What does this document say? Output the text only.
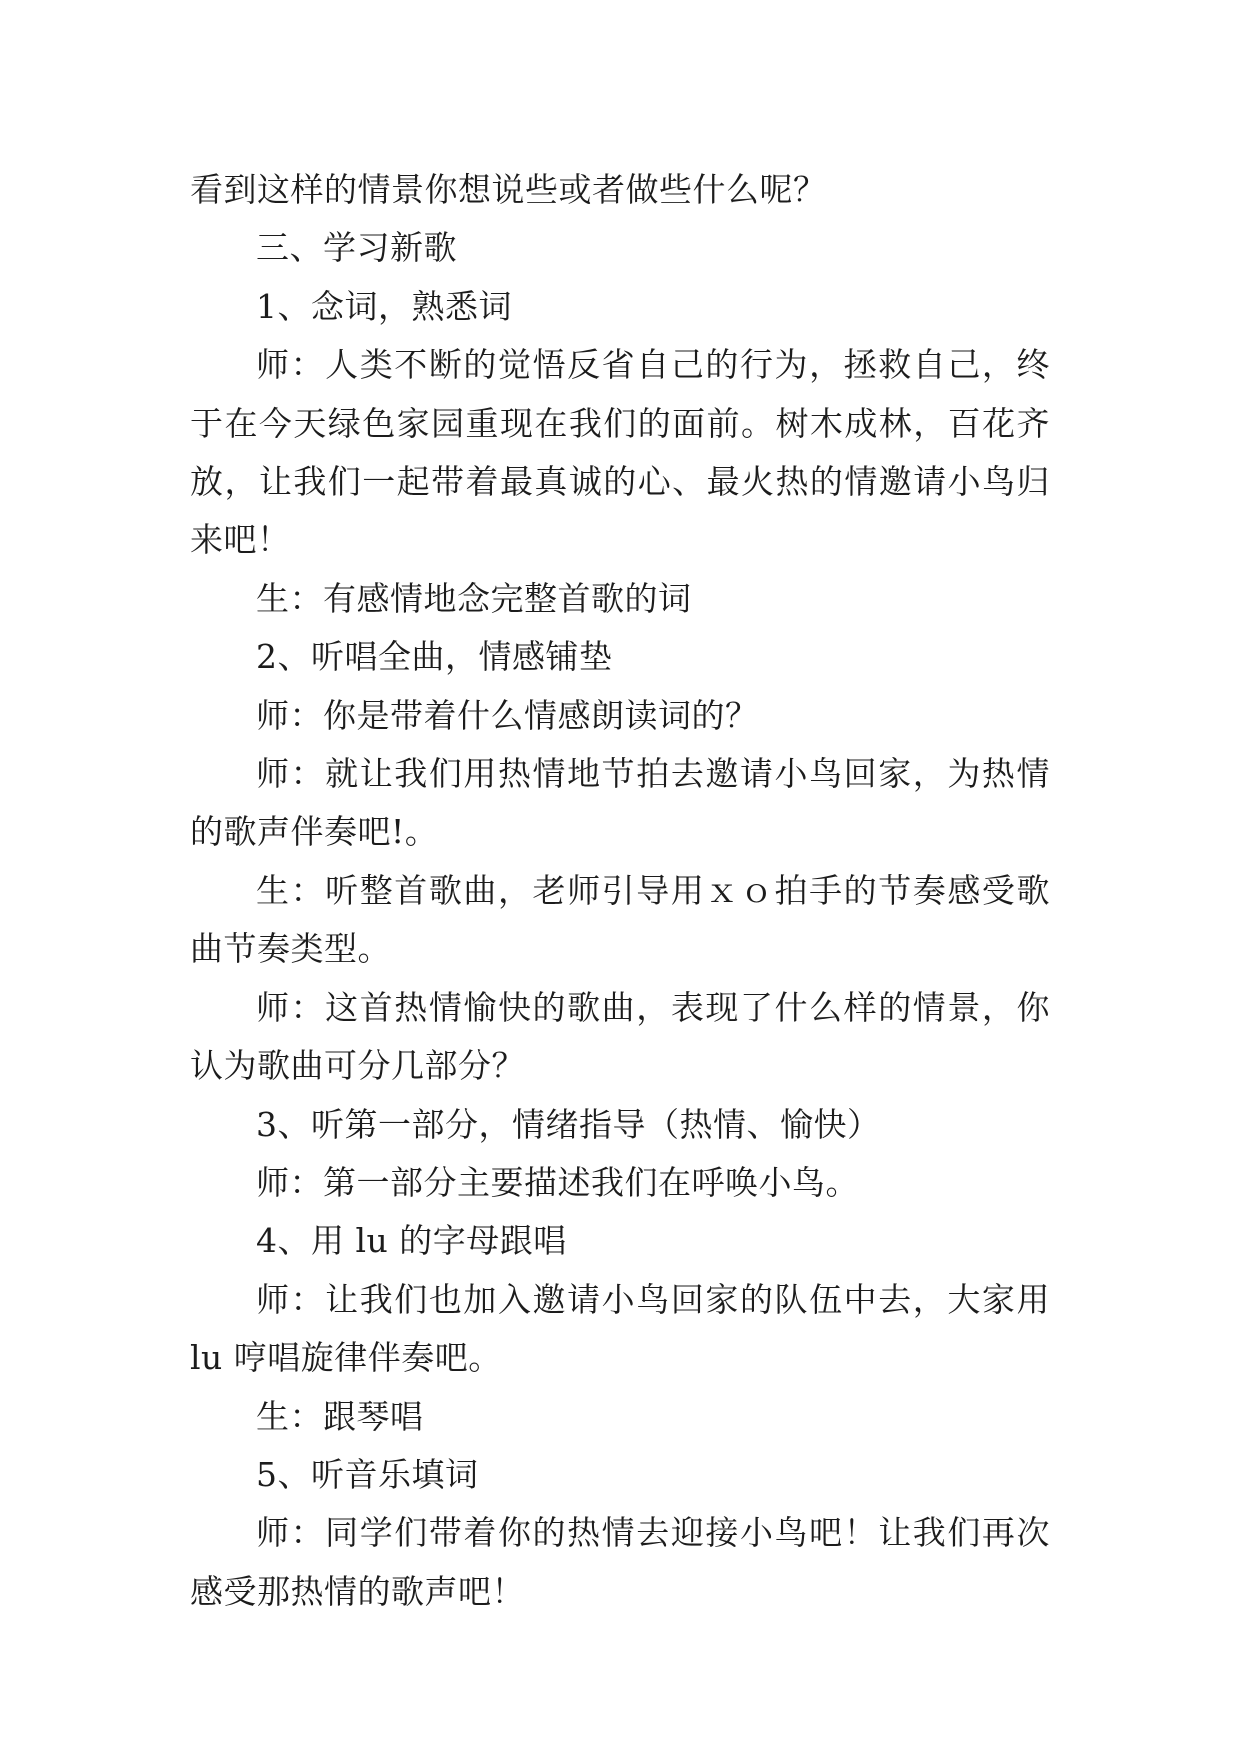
看到这样的情景你想说些或者做些什么呢？

三、学习新歌

1、念词，熟悉词

师：人类不断的觉悟反省自己的行为，拯救自己，终于在今天绿色家园重现在我们的面前。树木成林，百花齐放，让我们一起带着最真诚的心、最火热的情邀请小鸟归来吧！

生：有感情地念完整首歌的词

2、听唱全曲，情感铺垫

师：你是带着什么情感朗读词的？

师：就让我们用热情地节拍去邀请小鸟回家，为热情的歌声伴奏吧!。

生：听整首歌曲，老师引导用ｘｏ拍手的节奏感受歌曲节奏类型。

师：这首热情愉快的歌曲，表现了什么样的情景，你认为歌曲可分几部分？

3、听第一部分，情绪指导（热情、愉快）

师：第一部分主要描述我们在呼唤小鸟。

4、用 lu 的字母跟唱

师：让我们也加入邀请小鸟回家的队伍中去，大家用 lu 哼唱旋律伴奏吧。

生：跟琴唱

5、听音乐填词

师：同学们带着你的热情去迎接小鸟吧！让我们再次感受那热情的歌声吧！
